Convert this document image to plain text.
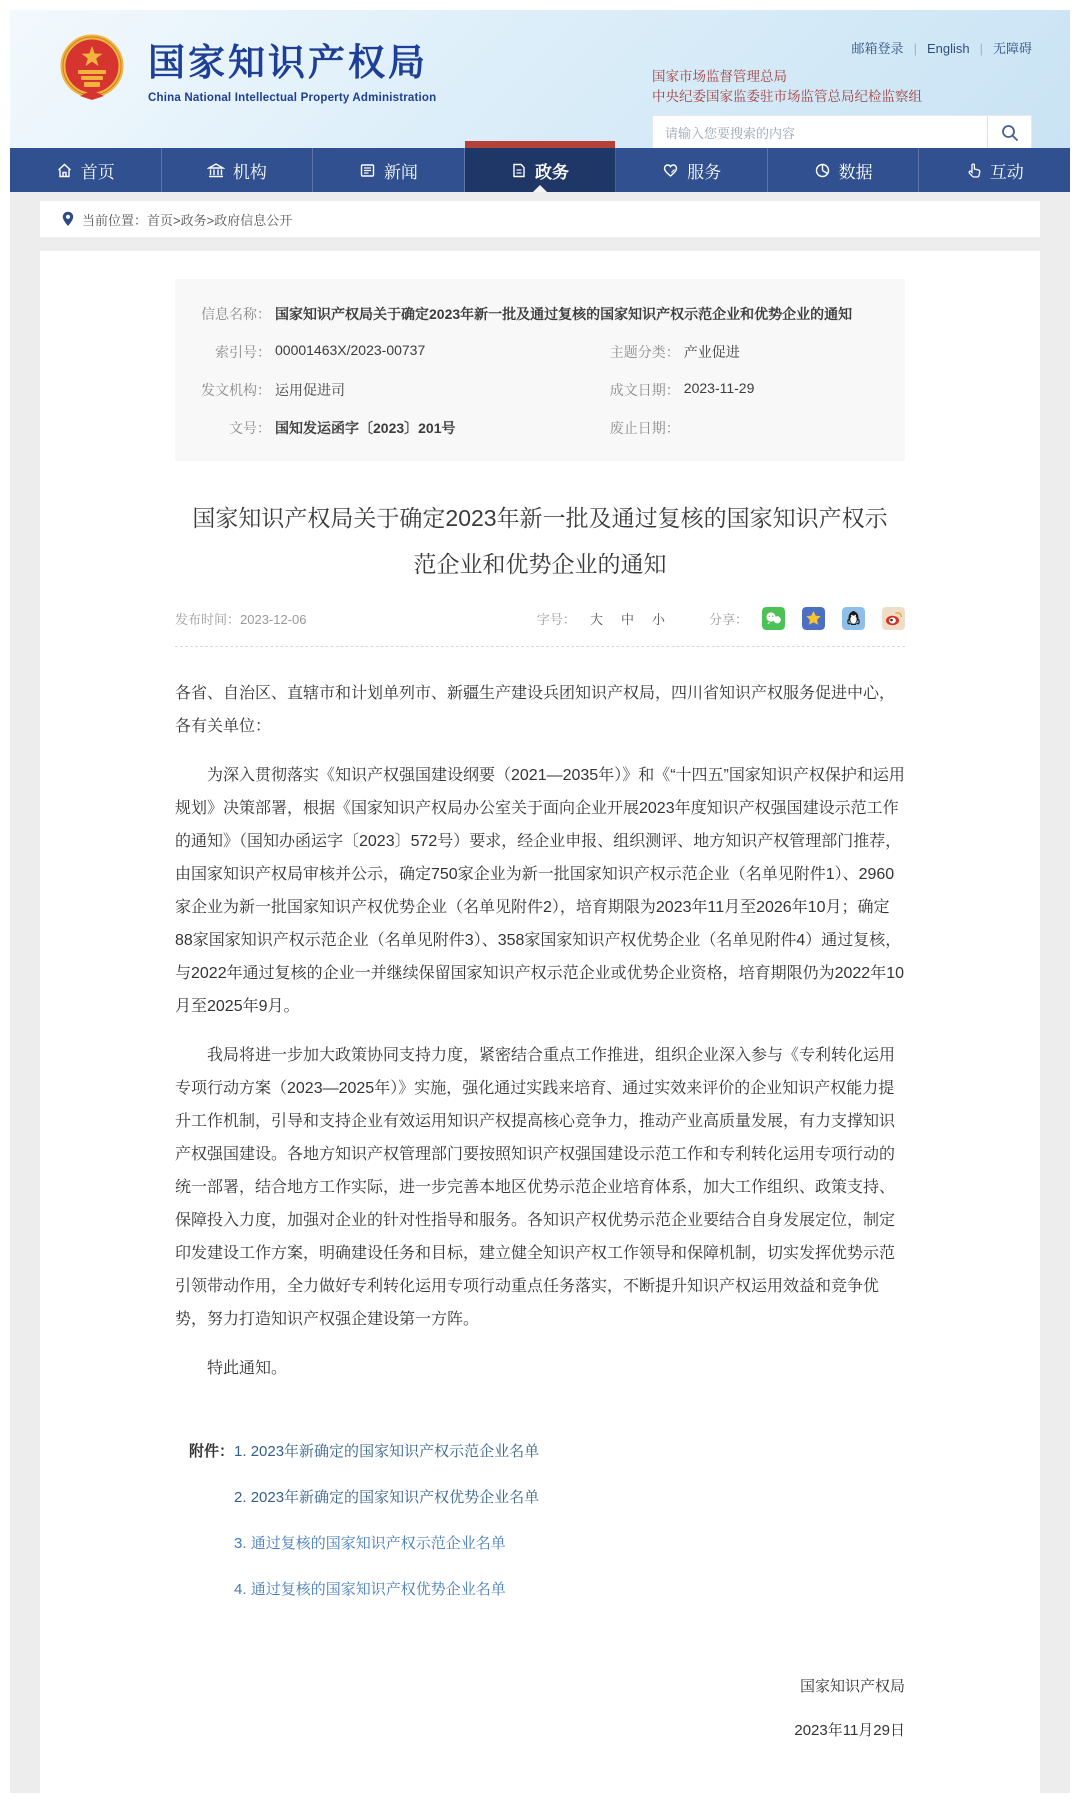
国家知识产权局
China National Intellectual Property Administration
邮箱登录 | English | 无障碍
国家市场监督管理总局
中央纪委国家监委驻市场监管总局纪检监察组
请输入您要搜索的内容
首页	机构	新闻	政务	服务	数据	互动
当前位置： 首页>政务>政府信息公开
信息名称： 国家知识产权局关于确定2023年新一批及通过复核的国家知识产权示范企业和优势企业的通知
索引号： 00001463X/2023-00737	主题分类： 产业促进
发文机构： 运用促进司	成文日期： 2023-11-29
文号： 国知发运函字〔2023〕201号	废止日期：
国家知识产权局关于确定2023年新一批及通过复核的国家知识产权示范企业和优势企业的通知
发布时间：2023-12-06	字号： 大 中 小	分享：

各省、自治区、直辖市和计划单列市、新疆生产建设兵团知识产权局，四川省知识产权服务促进中心，各有关单位：

为深入贯彻落实《知识产权强国建设纲要（2021—2035年）》和《“十四五”国家知识产权保护和运用规划》决策部署，根据《国家知识产权局办公室关于面向企业开展2023年度知识产权强国建设示范工作的通知》（国知办函运字〔2023〕572号）要求，经企业申报、组织测评、地方知识产权管理部门推荐，由国家知识产权局审核并公示，确定750家企业为新一批国家知识产权示范企业（名单见附件1）、2960家企业为新一批国家知识产权优势企业（名单见附件2），培育期限为2023年11月至2026年10月；确定88家国家知识产权示范企业（名单见附件3）、358家国家知识产权优势企业（名单见附件4）通过复核，与2022年通过复核的企业一并继续保留国家知识产权示范企业或优势企业资格，培育期限仍为2022年10月至2025年9月。

我局将进一步加大政策协同支持力度，紧密结合重点工作推进，组织企业深入参与《专利转化运用专项行动方案（2023—2025年）》实施，强化通过实践来培育、通过实效来评价的企业知识产权能力提升工作机制，引导和支持企业有效运用知识产权提高核心竞争力，推动产业高质量发展，有力支撑知识产权强国建设。各地方知识产权管理部门要按照知识产权强国建设示范工作和专利转化运用专项行动的统一部署，结合地方工作实际，进一步完善本地区优势示范企业培育体系，加大工作组织、政策支持、保障投入力度，加强对企业的针对性指导和服务。各知识产权优势示范企业要结合自身发展定位，制定印发建设工作方案，明确建设任务和目标，建立健全知识产权工作领导和保障机制，切实发挥优势示范引领带动作用，全力做好专利转化运用专项行动重点任务落实，不断提升知识产权运用效益和竞争优势，努力打造知识产权强企建设第一方阵。

特此通知。

附件： 1. 2023年新确定的国家知识产权示范企业名单
2. 2023年新确定的国家知识产权优势企业名单
3. 通过复核的国家知识产权示范企业名单
4. 通过复核的国家知识产权优势企业名单
国家知识产权局
2023年11月29日
